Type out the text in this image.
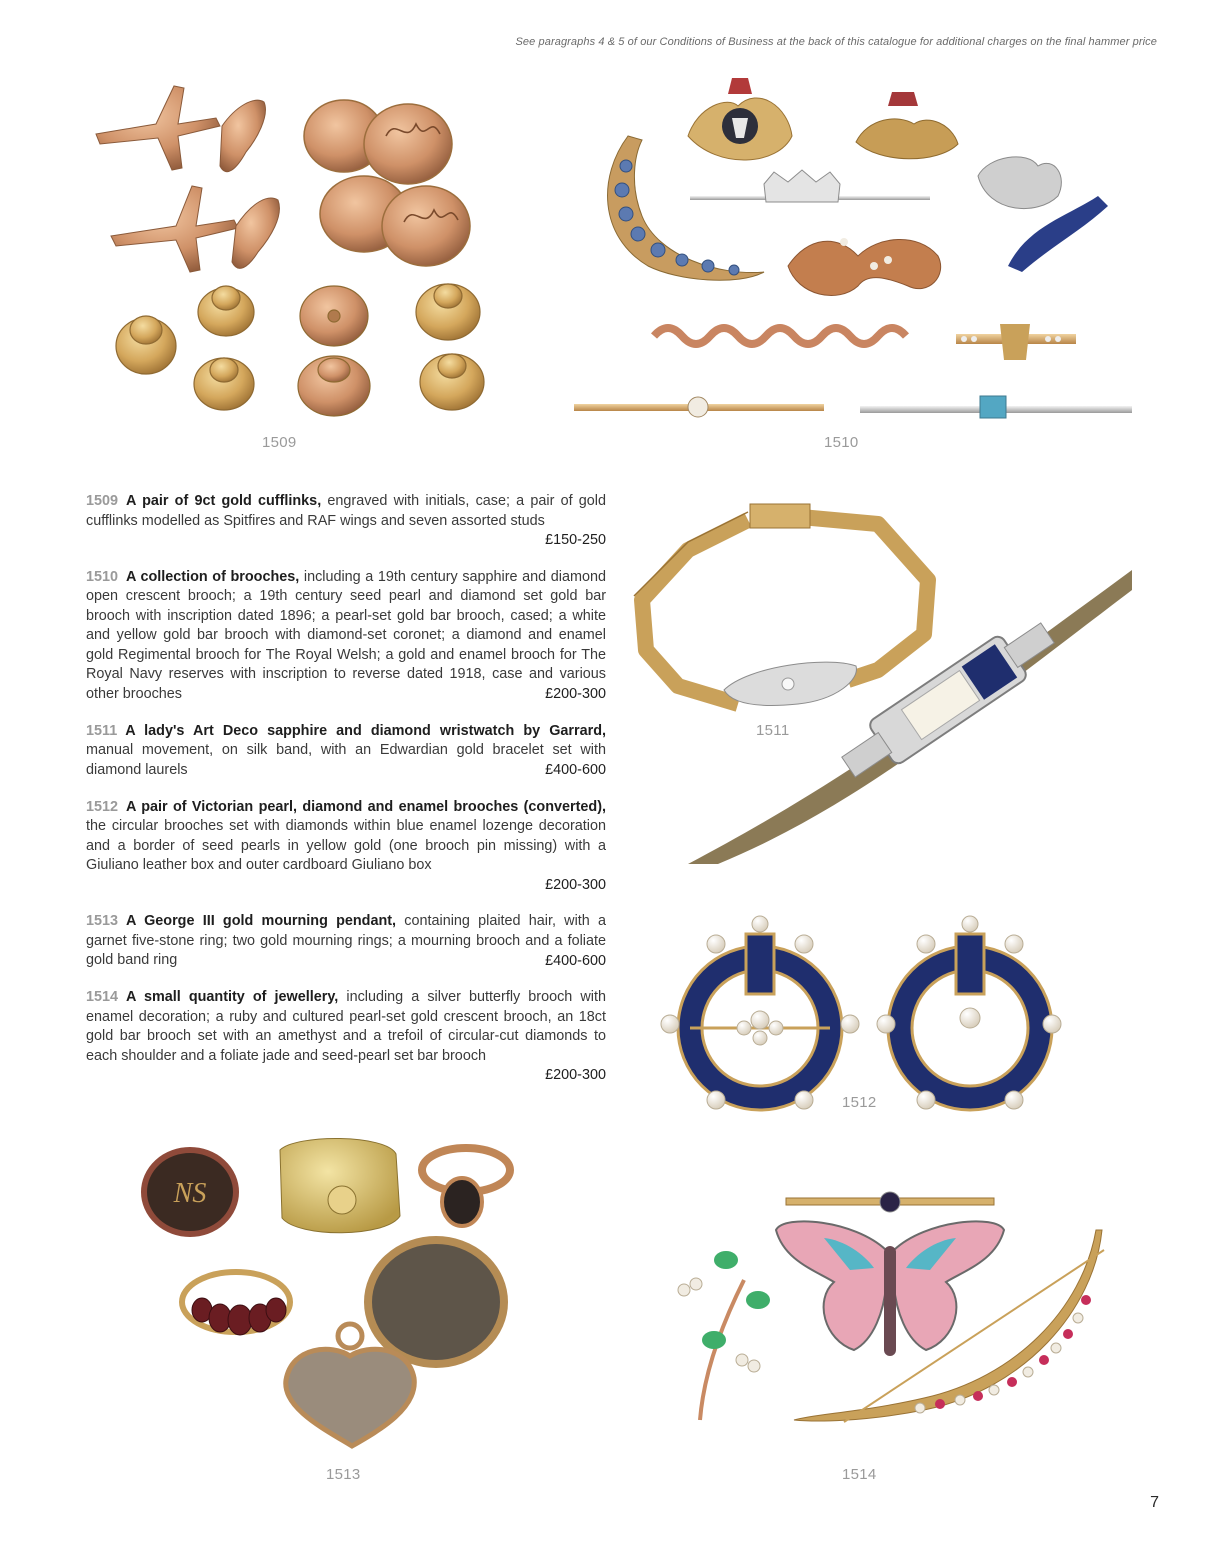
See paragraphs 4 & 5 of our Conditions of Business at the back of this catalogue for additional charges on the final hammer price
1509	1510
1509 A pair of 9ct gold cufflinks, engraved with initials, case; a pair of gold cufflinks modelled as Spitfires and RAF wings and seven assorted studs
£150-250
1510 A collection of brooches, including a 19th century sapphire and diamond open crescent brooch; a 19th century seed pearl and diamond set gold bar brooch with inscription dated 1896; a pearl-set gold bar brooch, cased; a white and yellow gold bar brooch with diamond-set coronet; a diamond and enamel gold Regimental brooch for The Royal Welsh; a gold and enamel brooch for The Royal Navy reserves with inscription to reverse dated 1918, case and various other brooches	£200-300
1511 A lady's Art Deco sapphire and diamond wristwatch by Garrard, manual movement, on silk band, with an Edwardian gold bracelet set with diamond laurels	£400-600
1512 A pair of Victorian pearl, diamond and enamel brooches (converted), the circular brooches set with diamonds within blue enamel lozenge decoration and a border of seed pearls in yellow gold (one brooch pin missing) with a Giuliano leather box and outer cardboard Giuliano box
£200-300
1513 A George III gold mourning pendant, containing plaited hair, with a garnet five-stone ring; two gold mourning rings; a mourning brooch and a foliate gold band ring	£400-600
1514 A small quantity of jewellery, including a silver butterfly brooch with enamel decoration; a ruby and cultured pearl-set gold crescent brooch, an 18ct gold bar brooch set with an amethyst and a trefoil of circular-cut diamonds to each shoulder and a foliate jade and seed-pearl set bar brooch
£200-300
1511
1512
NS
1513	1514
7
